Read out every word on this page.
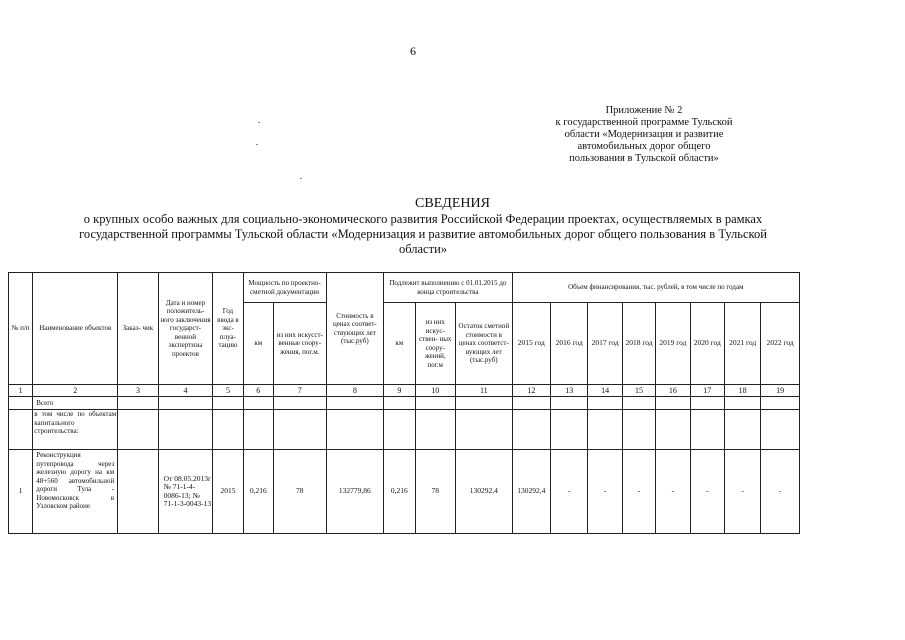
6
Приложение № 2
к государственной программе Тульской
области «Модернизация и развитие
автомобильных дорог общего
пользования в Тульской области»
СВЕДЕНИЯ
о крупных особо важных для социально-экономического развития Российской Федерации проектах, осуществляемых в рамках
государственной программы Тульской области «Модернизация и развитие автомобильных дорог общего пользования в Тульской
области»
№ п/п	Наименование объектов	Заказ- чик	Дата и номер положитель- ного заключения государст- венной экспертизы проектов	Год ввода в экс- плуа- тацию	Мощность по проектно-сметной документации		Стоимость в ценах соответ- ствующих лет (тыс.руб)	Подлежит выполнению с 01.01.2015 до конца строительства			Объем финансирования, тыс. рублей, в том числе по годам							
					км	из них искусст- венные соору- жения, пог.м.		км	из них искус- ствен- ных соору- жений, пог.м	Остаток сметной стоимости в ценах соответст- вующих лет (тыс.руб)	2015 год	2016 год	2017 год	2018 год	2019 год	2020 год	2021 год	2022 год
1	2	3	4	5	6	7	8	9	10	11	12	13	14	15	16	17	18	19
	Всего																	
	в том числе по объектам капитального строительства:																	
1	Реконструкция путепровода через железную дорогу на км 48+560 автомобильной дороги Тула - Новомосковск в Узловском районе		От 08.05.2013г № 71-1-4-0086-13; № 71-1-3-0043-13	2015	0,216	78	132779,86	0,216	78	130292,4	130292,4	-	-	-	-	-	-	-
